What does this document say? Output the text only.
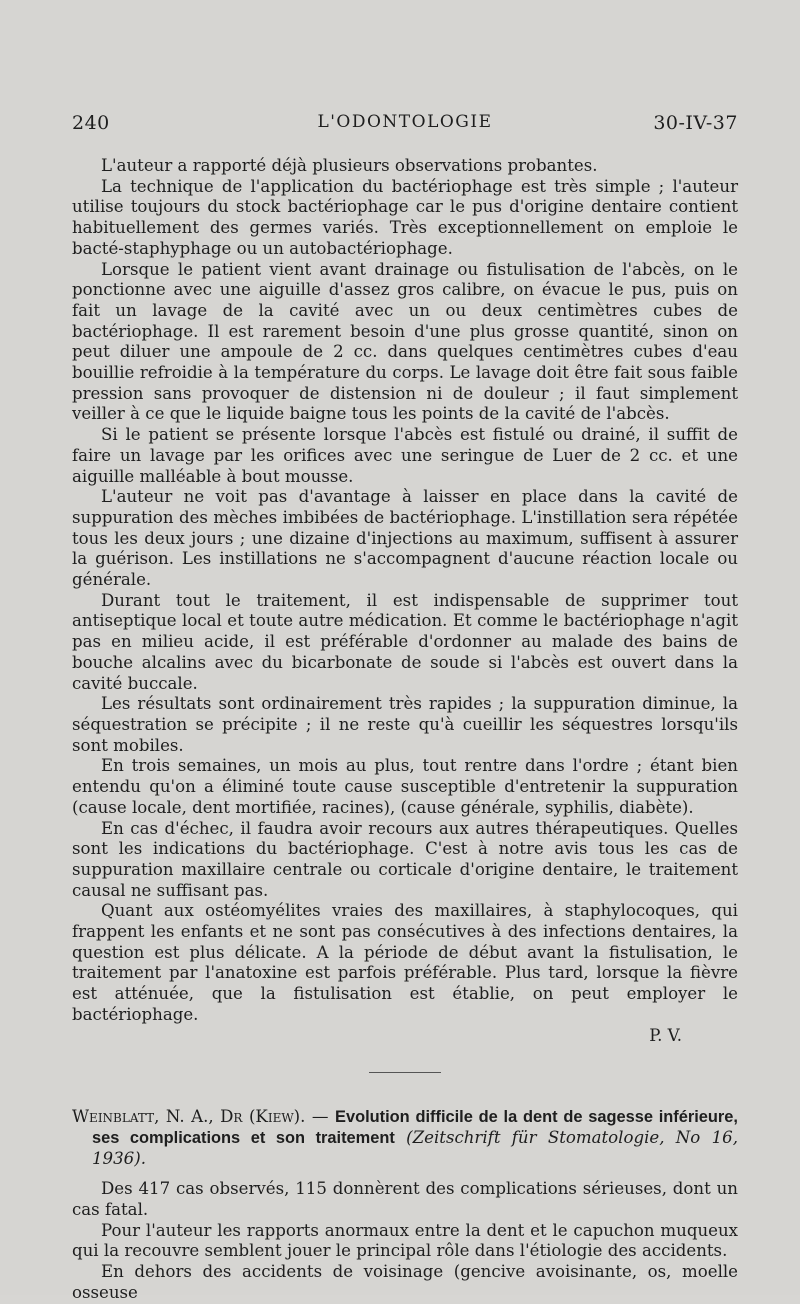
240	L'ODONTOLOGIE	30-IV-37

L'auteur a rapporté déjà plusieurs observations probantes.

La technique de l'application du bactériophage est très simple ; l'auteur utilise toujours du stock bactériophage car le pus d'origine dentaire contient habituellement des germes variés. Très exceptionnellement on emploie le bacté-staphyphage ou un autobactériophage.

Lorsque le patient vient avant drainage ou fistulisation de l'abcès, on le ponctionne avec une aiguille d'assez gros calibre, on évacue le pus, puis on fait un lavage de la cavité avec un ou deux centimètres cubes de bactériophage. Il est rarement besoin d'une plus grosse quantité, sinon on peut diluer une ampoule de 2 cc. dans quelques centimètres cubes d'eau bouillie refroidie à la température du corps. Le lavage doit être fait sous faible pression sans provoquer de distension ni de douleur ; il faut simplement veiller à ce que le liquide baigne tous les points de la cavité de l'abcès.

Si le patient se présente lorsque l'abcès est fistulé ou drainé, il suffit de faire un lavage par les orifices avec une seringue de Luer de 2 cc. et une aiguille malléable à bout mousse.

L'auteur ne voit pas d'avantage à laisser en place dans la cavité de suppuration des mèches imbibées de bactériophage. L'instillation sera répétée tous les deux jours ; une dizaine d'injections au maximum, suffisent à assurer la guérison. Les instillations ne s'accompagnent d'aucune réaction locale ou générale.

Durant tout le traitement, il est indispensable de supprimer tout antiseptique local et toute autre médication. Et comme le bactériophage n'agit pas en milieu acide, il est préférable d'ordonner au malade des bains de bouche alcalins avec du bicarbonate de soude si l'abcès est ouvert dans la cavité buccale.

Les résultats sont ordinairement très rapides ; la suppuration diminue, la séquestration se précipite ; il ne reste qu'à cueillir les séquestres lorsqu'ils sont mobiles.

En trois semaines, un mois au plus, tout rentre dans l'ordre ; étant bien entendu qu'on a éliminé toute cause susceptible d'entretenir la suppuration (cause locale, dent mortifiée, racines), (cause générale, syphilis, diabète).

En cas d'échec, il faudra avoir recours aux autres thérapeutiques. Quelles sont les indications du bactériophage. C'est à notre avis tous les cas de suppuration maxillaire centrale ou corticale d'origine dentaire, le traitement causal ne suffisant pas.

Quant aux ostéomyélites vraies des maxillaires, à staphylocoques, qui frappent les enfants et ne sont pas consécutives à des infections dentaires, la question est plus délicate. A la période de début avant la fistulisation, le traitement par l'anatoxine est parfois préférable. Plus tard, lorsque la fièvre est atténuée, que la fistulisation est établie, on peut employer le bactériophage.

P. V.

Weinblatt, N. A., Dr (Kiew). — Evolution difficile de la dent de sagesse inférieure, ses complications et son traitement (Zeitschrift für Stomatologie, No 16, 1936).

Des 417 cas observés, 115 donnèrent des complications sérieuses, dont un cas fatal.

Pour l'auteur les rapports anormaux entre la dent et le capuchon muqueux qui la recouvre semblent jouer le principal rôle dans l'étiologie des accidents.

En dehors des accidents de voisinage (gencive avoisinante, os, moelle osseuse
